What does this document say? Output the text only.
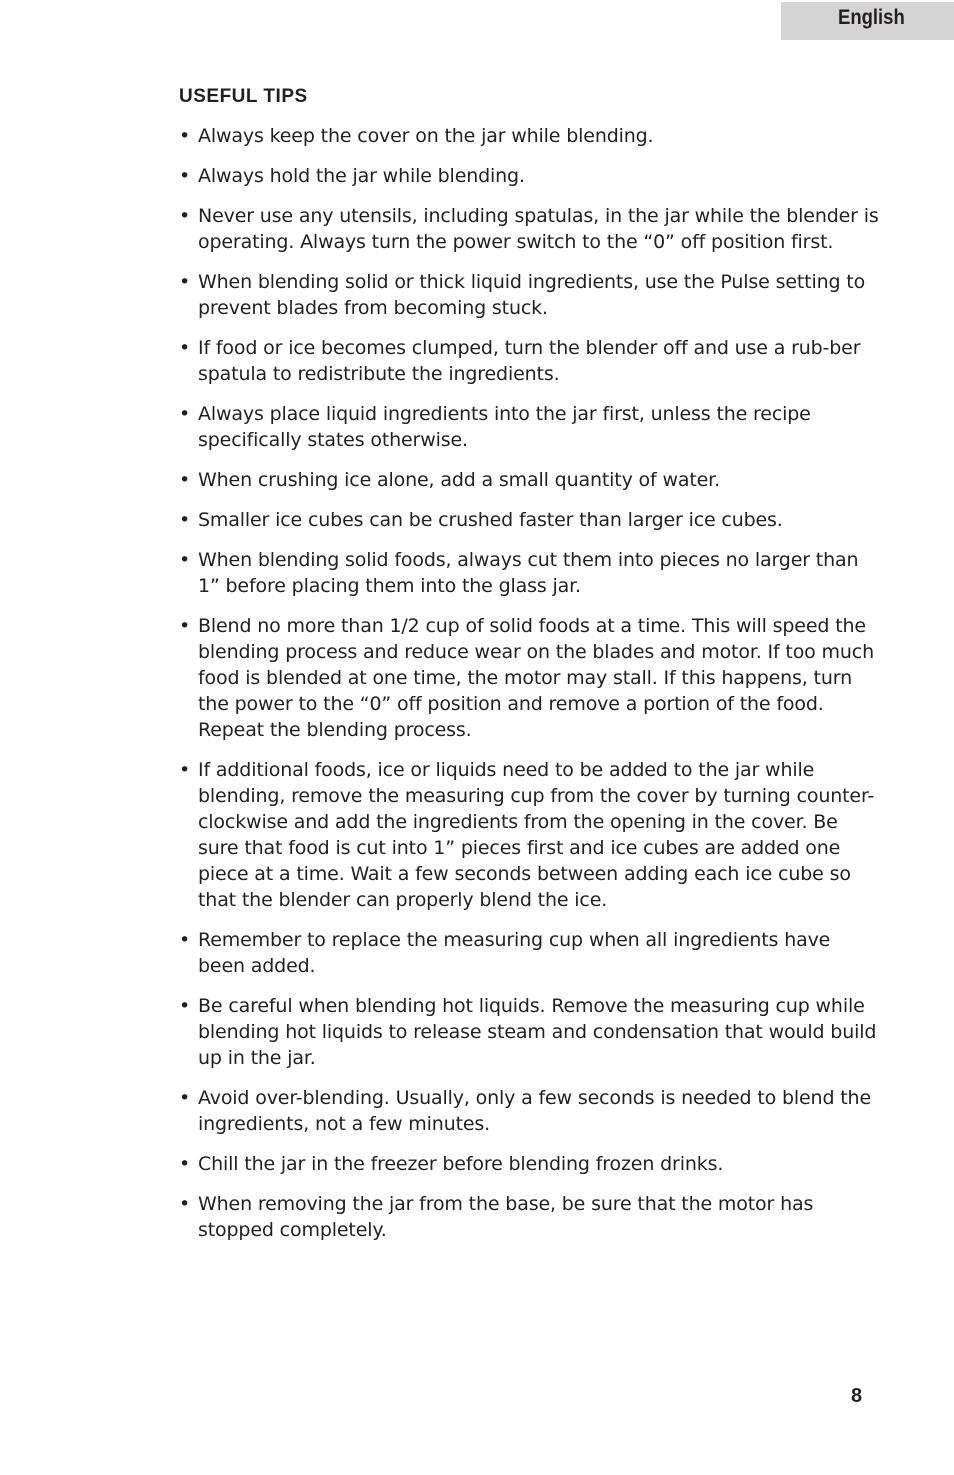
English
USEFUL TIPS
• Always keep the cover on the jar while blending.
• Always hold the jar while blending.
• Never use any utensils, including spatulas, in the jar while the blender is operating. Always turn the power switch to the “0” off position first.
• When blending solid or thick liquid ingredients, use the Pulse setting to prevent blades from becoming stuck.
• If food or ice becomes clumped, turn the blender off and use a rub-ber spatula to redistribute the ingredients.
• Always place liquid ingredients into the jar first, unless the recipe specifically states otherwise.
• When crushing ice alone, add a small quantity of water.
• Smaller ice cubes can be crushed faster than larger ice cubes.
• When blending solid foods, always cut them into pieces no larger than 1” before placing them into the glass jar.
• Blend no more than 1/2 cup of solid foods at a time. This will speed the blending process and reduce wear on the blades and motor. If too much food is blended at one time, the motor may stall. If this happens, turn the power to the “0” off position and remove a portion of the food. Repeat the blending process.
• If additional foods, ice or liquids need to be added to the jar while blending, remove the measuring cup from the cover by turning counter-clockwise and add the ingredients from the opening in the cover. Be sure that food is cut into 1” pieces first and ice cubes are added one piece at a time. Wait a few seconds between adding each ice cube so that the blender can properly blend the ice.
• Remember to replace the measuring cup when all ingredients have been added.
• Be careful when blending hot liquids. Remove the measuring cup while blending hot liquids to release steam and condensation that would build up in the jar.
• Avoid over-blending. Usually, only a few seconds is needed to blend the ingredients, not a few minutes.
• Chill the jar in the freezer before blending frozen drinks.
• When removing the jar from the base, be sure that the motor has stopped completely.
8
